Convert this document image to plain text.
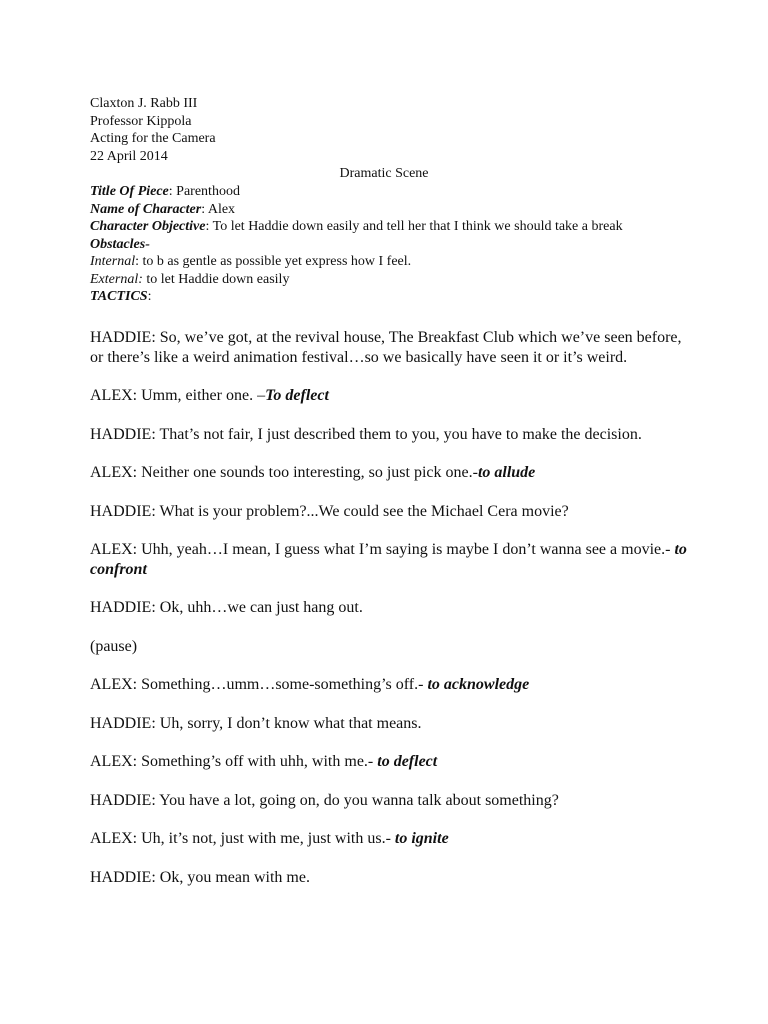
Claxton J. Rabb III
Professor Kippola
Acting for the Camera
22 April 2014
Dramatic Scene
Title Of Piece: Parenthood
Name of Character: Alex
Character Objective: To let Haddie down easily and tell her that I think we should take a break
Obstacles-
Internal: to b as gentle as possible yet express how I feel.
External: to let Haddie down easily
TACTICS:

HADDIE: So, we’ve got, at the revival house, The Breakfast Club which we’ve seen before, or there’s like a weird animation festival…so we basically have seen it or it’s weird.

ALEX: Umm, either one. –To deflect

HADDIE: That’s not fair, I just described them to you, you have to make the decision.

ALEX: Neither one sounds too interesting, so just pick one.-to allude

HADDIE: What is your problem?...We could see the Michael Cera movie?

ALEX: Uhh, yeah…I mean, I guess what I’m saying is maybe I don’t wanna see a movie.- to confront

HADDIE: Ok, uhh…we can just hang out.

(pause)

ALEX: Something…umm…some-something’s off.- to acknowledge

HADDIE: Uh, sorry, I don’t know what that means.

ALEX: Something’s off with uhh, with me.- to deflect

HADDIE: You have a lot, going on, do you wanna talk about something?

ALEX: Uh, it’s not, just with me, just with us.- to ignite

HADDIE: Ok, you mean with me.
